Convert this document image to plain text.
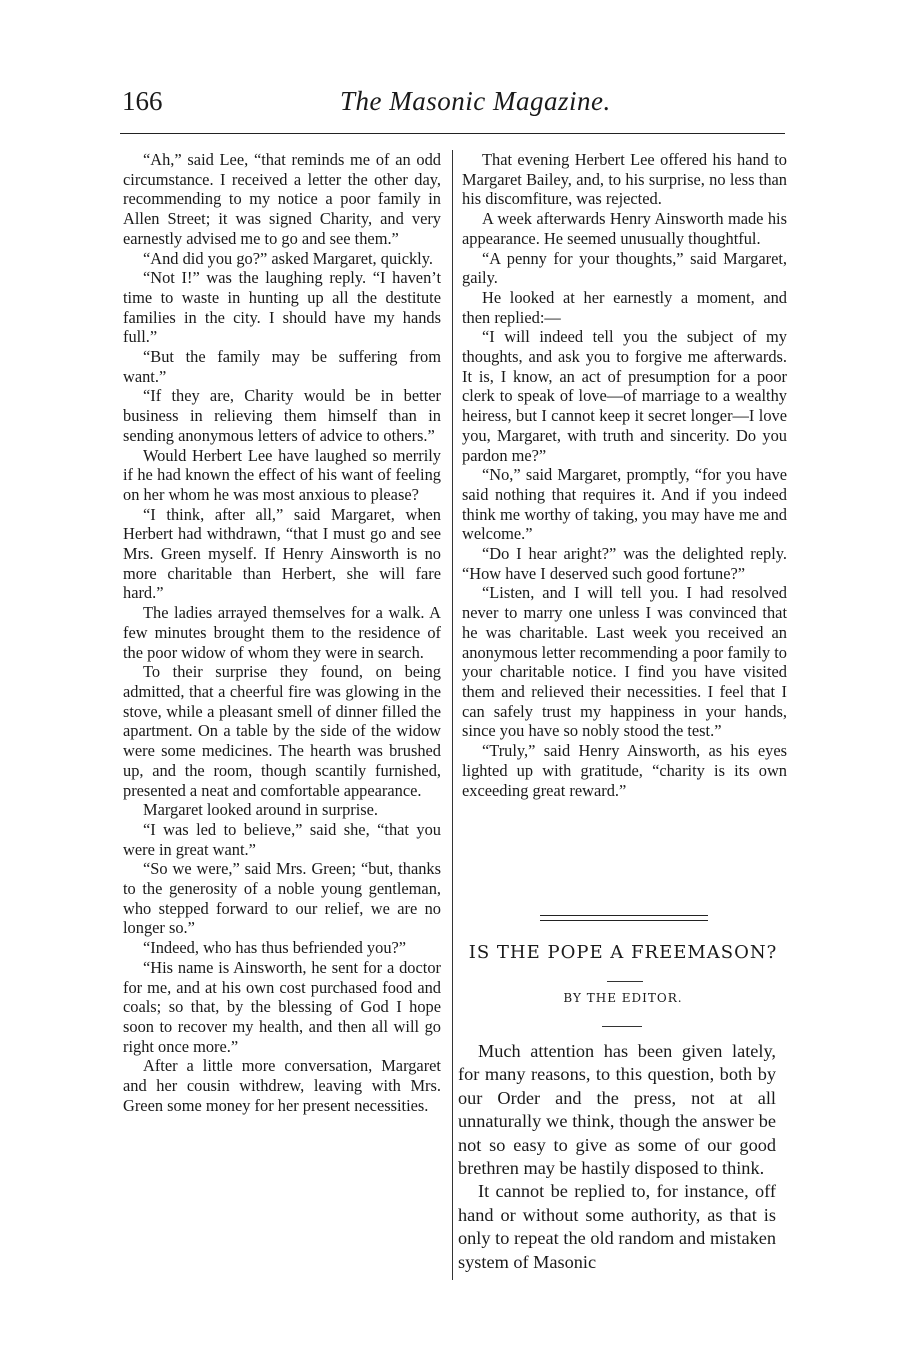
166	The Masonic Magazine.

“Ah,” said Lee, “that reminds me of an odd circumstance. I received a letter the other day, recommending to my notice a poor family in Allen Street; it was signed Charity, and very earnestly advised me to go and see them.”

“And did you go?” asked Margaret, quickly.

“Not I!” was the laughing reply. “I haven’t time to waste in hunting up all the destitute families in the city. I should have my hands full.”

“But the family may be suffering from want.”

“If they are, Charity would be in better business in relieving them himself than in sending anonymous letters of advice to others.”

Would Herbert Lee have laughed so merrily if he had known the effect of his want of feeling on her whom he was most anxious to please?

“I think, after all,” said Margaret, when Herbert had withdrawn, “that I must go and see Mrs. Green myself. If Henry Ainsworth is no more charitable than Herbert, she will fare hard.”

The ladies arrayed themselves for a walk. A few minutes brought them to the residence of the poor widow of whom they were in search.

To their surprise they found, on being admitted, that a cheerful fire was glowing in the stove, while a pleasant smell of dinner filled the apartment. On a table by the side of the widow were some medicines. The hearth was brushed up, and the room, though scantily furnished, presented a neat and comfortable appearance.

Margaret looked around in surprise.

“I was led to believe,” said she, “that you were in great want.”

“So we were,” said Mrs. Green; “but, thanks to the generosity of a noble young gentleman, who stepped forward to our relief, we are no longer so.”

“Indeed, who has thus befriended you?”

“His name is Ainsworth, he sent for a doctor for me, and at his own cost purchased food and coals; so that, by the blessing of God I hope soon to recover my health, and then all will go right once more.”

After a little more conversation, Margaret and her cousin withdrew, leaving with Mrs. Green some money for her present necessities.

That evening Herbert Lee offered his hand to Margaret Bailey, and, to his surprise, no less than his discomfiture, was rejected.

A week afterwards Henry Ainsworth made his appearance. He seemed unusually thoughtful.

“A penny for your thoughts,” said Margaret, gaily.

He looked at her earnestly a moment, and then replied:—

“I will indeed tell you the subject of my thoughts, and ask you to forgive me afterwards. It is, I know, an act of presumption for a poor clerk to speak of love—of marriage to a wealthy heiress, but I cannot keep it secret longer—I love you, Margaret, with truth and sincerity. Do you pardon me?”

“No,” said Margaret, promptly, “for you have said nothing that requires it. And if you indeed think me worthy of taking, you may have me and welcome.”

“Do I hear aright?” was the delighted reply. “How have I deserved such good fortune?”

“Listen, and I will tell you. I had resolved never to marry one unless I was convinced that he was charitable. Last week you received an anonymous letter recommending a poor family to your charitable notice. I find you have visited them and relieved their necessities. I feel that I can safely trust my happiness in your hands, since you have so nobly stood the test.”

“Truly,” said Henry Ainsworth, as his eyes lighted up with gratitude, “charity is its own exceeding great reward.”

IS THE POPE A FREEMASON?
BY THE EDITOR.

Much attention has been given lately, for many reasons, to this question, both by our Order and the press, not at all unnaturally we think, though the answer be not so easy to give as some of our good brethren may be hastily disposed to think.

It cannot be replied to, for instance, off hand or without some authority, as that is only to repeat the old random and mistaken system of Masonic
